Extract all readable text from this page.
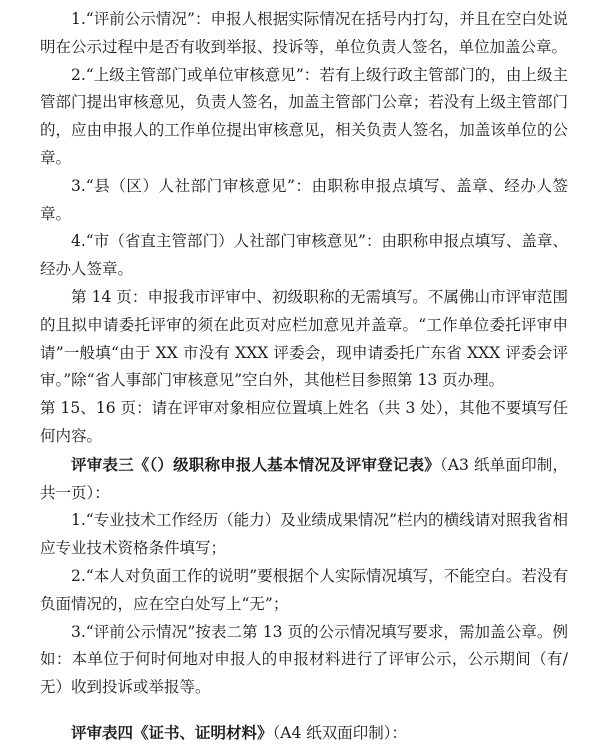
1.“评前公示情况”：申报人根据实际情况在括号内打勾，并且在空白处说明在公示过程中是否有收到举报、投诉等，单位负责人签名，单位加盖公章。

2.“上级主管部门或单位审核意见”：若有上级行政主管部门的，由上级主管部门提出审核意见，负责人签名，加盖主管部门公章；若没有上级主管部门的，应由申报人的工作单位提出审核意见，相关负责人签名，加盖该单位的公章。

3.“县（区）人社部门审核意见”：由职称申报点填写、盖章、经办人签章。

4.“市（省直主管部门）人社部门审核意见”：由职称申报点填写、盖章、经办人签章。

第 14 页：申报我市评审中、初级职称的无需填写。不属佛山市评审范围的且拟申请委托评审的须在此页对应栏加意见并盖章。“工作单位委托评审申请”一般填“由于 XX 市没有 XXX 评委会，现申请委托广东省 XXX 评委会评审。”除“省人事部门审核意见”空白外，其他栏目参照第 13 页办理。

第 15、16 页：请在评审对象相应位置填上姓名（共 3 处），其他不要填写任何内容。

评审表三《（）级职称申报人基本情况及评审登记表》（A3 纸单面印制，共一页）：

1.“专业技术工作经历（能力）及业绩成果情况”栏内的横线请对照我省相应专业技术资格条件填写；

2.“本人对负面工作的说明”要根据个人实际情况填写，不能空白。若没有负面情况的，应在空白处写上“无”；

3.“评前公示情况”按表二第 13 页的公示情况填写要求，需加盖公章。例如：本单位于何时何地对申报人的申报材料进行了评审公示，公示期间（有/无）收到投诉或举报等。

评审表四《证书、证明材料》（A4 纸双面印制）：
